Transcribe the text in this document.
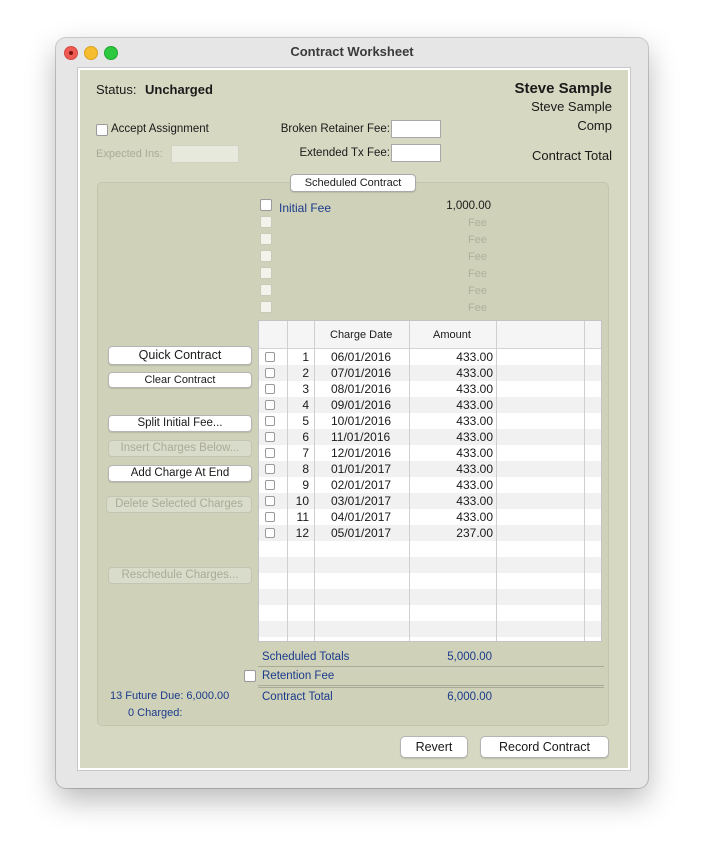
Contract Worksheet
Status: Uncharged	Steve Sample
Steve Sample
Comp
Contract Total
Accept Assignment
Expected Ins:
Broken Retainer Fee:
Extended Tx Fee:
Scheduled Contract
Initial Fee	1,000.00
Fee
Fee
Fee
Fee
Fee
Fee
Quick Contract
Clear Contract
Split Initial Fee...
Insert Charges Below...
Add Charge At End
Delete Selected Charges
Reschedule Charges...
1 06/01/2016	433.00
2 07/01/2016	433.00
3 08/01/2016	433.00
4 09/01/2016	433.00
5 10/01/2016	433.00
6 11/01/2016	433.00
7 12/01/2016	433.00
8 01/01/2017	433.00
9 02/01/2017	433.00
10 03/01/2017	433.00
11 04/01/2017	433.00
12 05/01/2017	237.00
Charge Date	Amount
Scheduled Totals	5,000.00
Retention Fee
Contract Total	6,000.00
13 Future Due: 6,000.00
0 Charged:
Revert	Record Contract
